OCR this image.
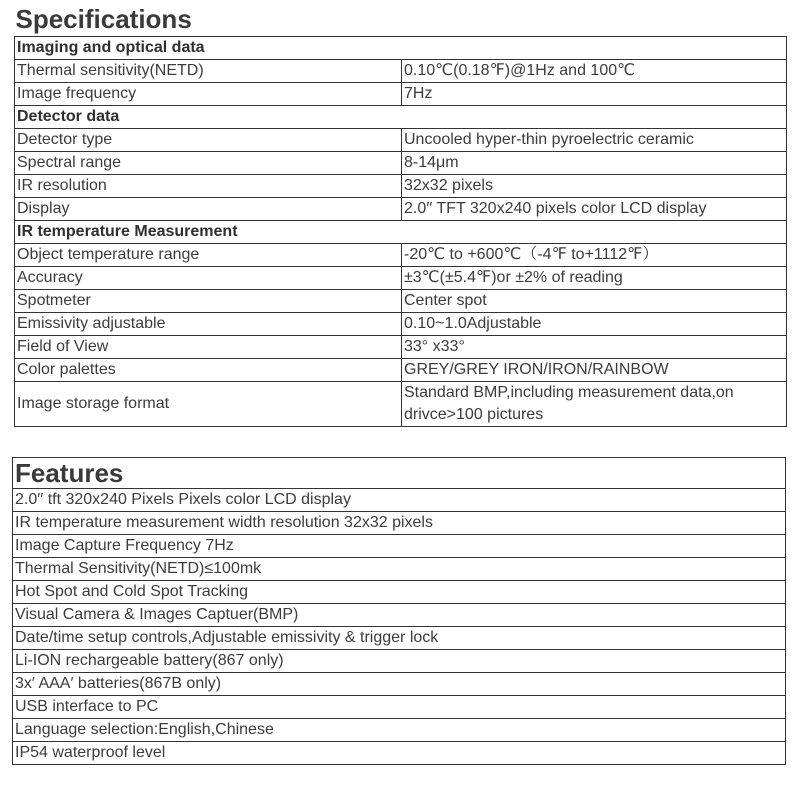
Specifications	
Imaging and optical data	
Thermal sensitivity(NETD)	0.10℃(0.18℉)@1Hz and 100℃
Image frequency	7Hz
Detector data	
Detector type	Uncooled hyper-thin pyroelectric ceramic
Spectral range	8-14μm
IR resolution	32x32 pixels
Display	2.0′′ TFT 320x240 pixels color LCD display
IR temperature Measurement	
Object temperature range	-20℃ to +600℃（-4℉ to+1112℉）
Accuracy	±3℃(±5.4℉)or ±2% of reading
Spotmeter	Center spot
Emissivity adjustable	0.10~1.0Adjustable
Field of View	33° x33°
Color palettes	GREY/GREY IRON/IRON/RAINBOW
Image storage format	Standard BMP,including measurement data,on drivce>100 pictures
Features
2.0′′ tft 320x240 Pixels Pixels color LCD display
IR temperature measurement width resolution 32x32 pixels
Image Capture Frequency 7Hz
Thermal Sensitivity(NETD)≤100mk
Hot Spot and Cold Spot Tracking
Visual Camera & Images Captuer(BMP)
Date/time setup controls,Adjustable emissivity & trigger lock
Li-ION rechargeable battery(867 only)
3x′ AAA′ batteries(867B only)
USB interface to PC
Language selection:English,Chinese
IP54 waterproof level
